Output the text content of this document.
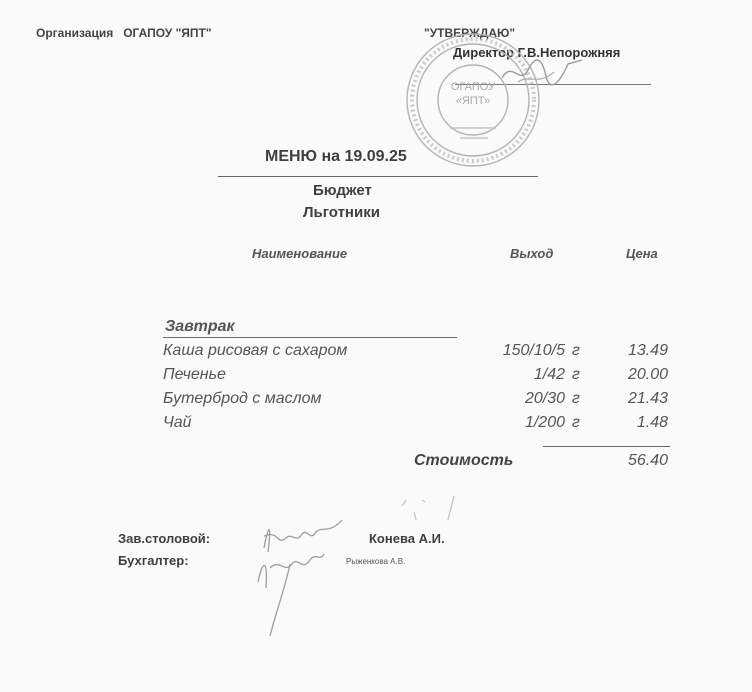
Организация ОГАПОУ "ЯПТ"	"УТВЕРЖДАЮ"
Директор Г.В.Непорожняя
ОГАПОУ
«ЯПТ»
МЕНЮ на 19.09.25
Бюджет
Льготники
Наименование	Выход	Цена
Завтрак
Каша рисовая с сахаром	150/10/5 г	13.49
Печенье	1/42 г	20.00
Бутерброд с маслом	20/30 г	21.43
Чай	1/200 г	1.48
Стоимость	56.40
Зав.столовой:
Бухгалтер:
Конева А.И.
Рыженкова А.В.
